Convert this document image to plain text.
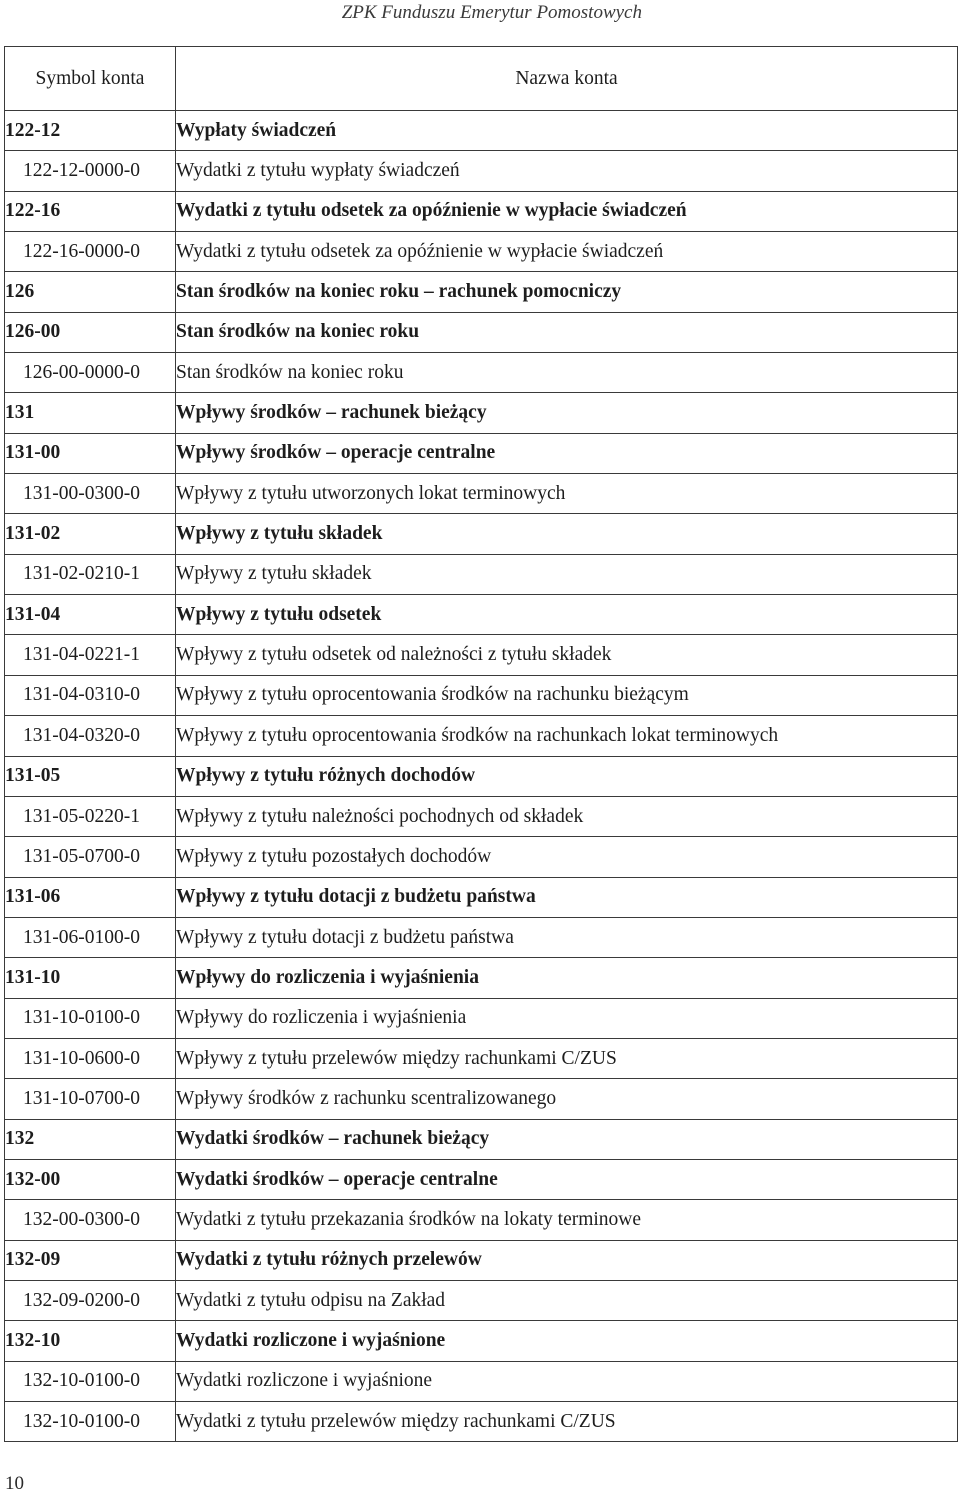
ZPK Funduszu Emerytur Pomostowych
Symbol konta	Nazwa konta
122-12	Wypłaty świadczeń
122-12-0000-0	Wydatki z tytułu wypłaty świadczeń
122-16	Wydatki z tytułu odsetek za opóźnienie w wypłacie świadczeń
122-16-0000-0	Wydatki z tytułu odsetek za opóźnienie w wypłacie świadczeń
126	Stan środków na koniec roku – rachunek pomocniczy
126-00	Stan środków na koniec roku
126-00-0000-0	Stan środków na koniec roku
131	Wpływy środków – rachunek bieżący
131-00	Wpływy środków – operacje centralne
131-00-0300-0	Wpływy z tytułu utworzonych lokat terminowych
131-02	Wpływy z tytułu składek
131-02-0210-1	Wpływy z tytułu składek
131-04	Wpływy z tytułu odsetek
131-04-0221-1	Wpływy z tytułu odsetek od należności z tytułu składek
131-04-0310-0	Wpływy z tytułu oprocentowania środków na rachunku bieżącym
131-04-0320-0	Wpływy z tytułu oprocentowania środków na rachunkach lokat terminowych
131-05	Wpływy z tytułu różnych dochodów
131-05-0220-1	Wpływy z tytułu należności pochodnych od składek
131-05-0700-0	Wpływy z tytułu pozostałych dochodów
131-06	Wpływy z tytułu dotacji z budżetu państwa
131-06-0100-0	Wpływy z tytułu dotacji z budżetu państwa
131-10	Wpływy do rozliczenia i wyjaśnienia
131-10-0100-0	Wpływy do rozliczenia i wyjaśnienia
131-10-0600-0	Wpływy z tytułu przelewów między rachunkami C/ZUS
131-10-0700-0	Wpływy środków z rachunku scentralizowanego
132	Wydatki środków – rachunek bieżący
132-00	Wydatki środków – operacje centralne
132-00-0300-0	Wydatki z tytułu przekazania środków na lokaty terminowe
132-09	Wydatki z tytułu różnych przelewów
132-09-0200-0	Wydatki z tytułu odpisu na Zakład
132-10	Wydatki rozliczone i wyjaśnione
132-10-0100-0	Wydatki rozliczone i wyjaśnione
132-10-0100-0	Wydatki z tytułu przelewów między rachunkami C/ZUS
10
